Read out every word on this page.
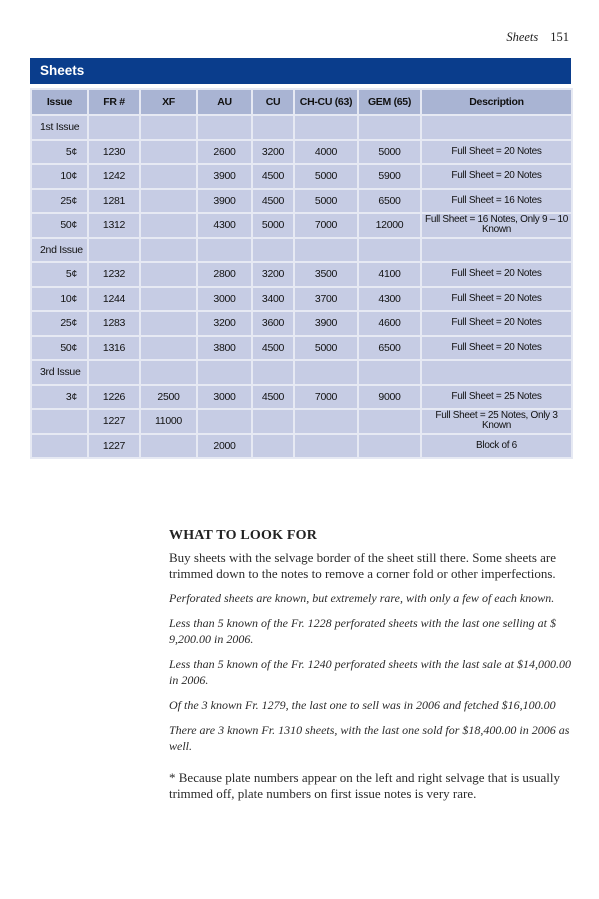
Sheets 151
Sheets
Issue	FR #	XF	AU	CU	CH-CU (63)	GEM (65)	Description
1st Issue							
5¢	1230		2600	3200	4000	5000	Full Sheet = 20 Notes
10¢	1242		3900	4500	5000	5900	Full Sheet = 20 Notes
25¢	1281		3900	4500	5000	6500	Full Sheet = 16 Notes
50¢	1312		4300	5000	7000	12000	Full Sheet = 16 Notes, Only 9 – 10 Known
2nd Issue							
5¢	1232		2800	3200	3500	4100	Full Sheet = 20 Notes
10¢	1244		3000	3400	3700	4300	Full Sheet = 20 Notes
25¢	1283		3200	3600	3900	4600	Full Sheet = 20 Notes
50¢	1316		3800	4500	5000	6500	Full Sheet = 20 Notes
3rd Issue							
3¢	1226	2500	3000	4500	7000	9000	Full Sheet = 25 Notes
	1227	11000					Full Sheet = 25 Notes, Only 3 Known
	1227		2000				Block of 6
WHAT TO LOOK FOR

Buy sheets with the selvage border of the sheet still there. Some sheets are trimmed down to the notes to remove a corner fold or other imperfections.

Perforated sheets are known, but extremely rare, with only a few of each known.

Less than 5 known of the Fr. 1228 perforated sheets with the last one selling at $ 9,200.00 in 2006.

Less than 5 known of the Fr. 1240 perforated sheets with the last sale at $14,000.00 in 2006.

Of the 3 known Fr. 1279, the last one to sell was in 2006 and fetched $16,100.00

There are 3 known Fr. 1310 sheets, with the last one sold for $18,400.00 in 2006 as well.

* Because plate numbers appear on the left and right selvage that is usually trimmed off, plate numbers on first issue notes is very rare.
